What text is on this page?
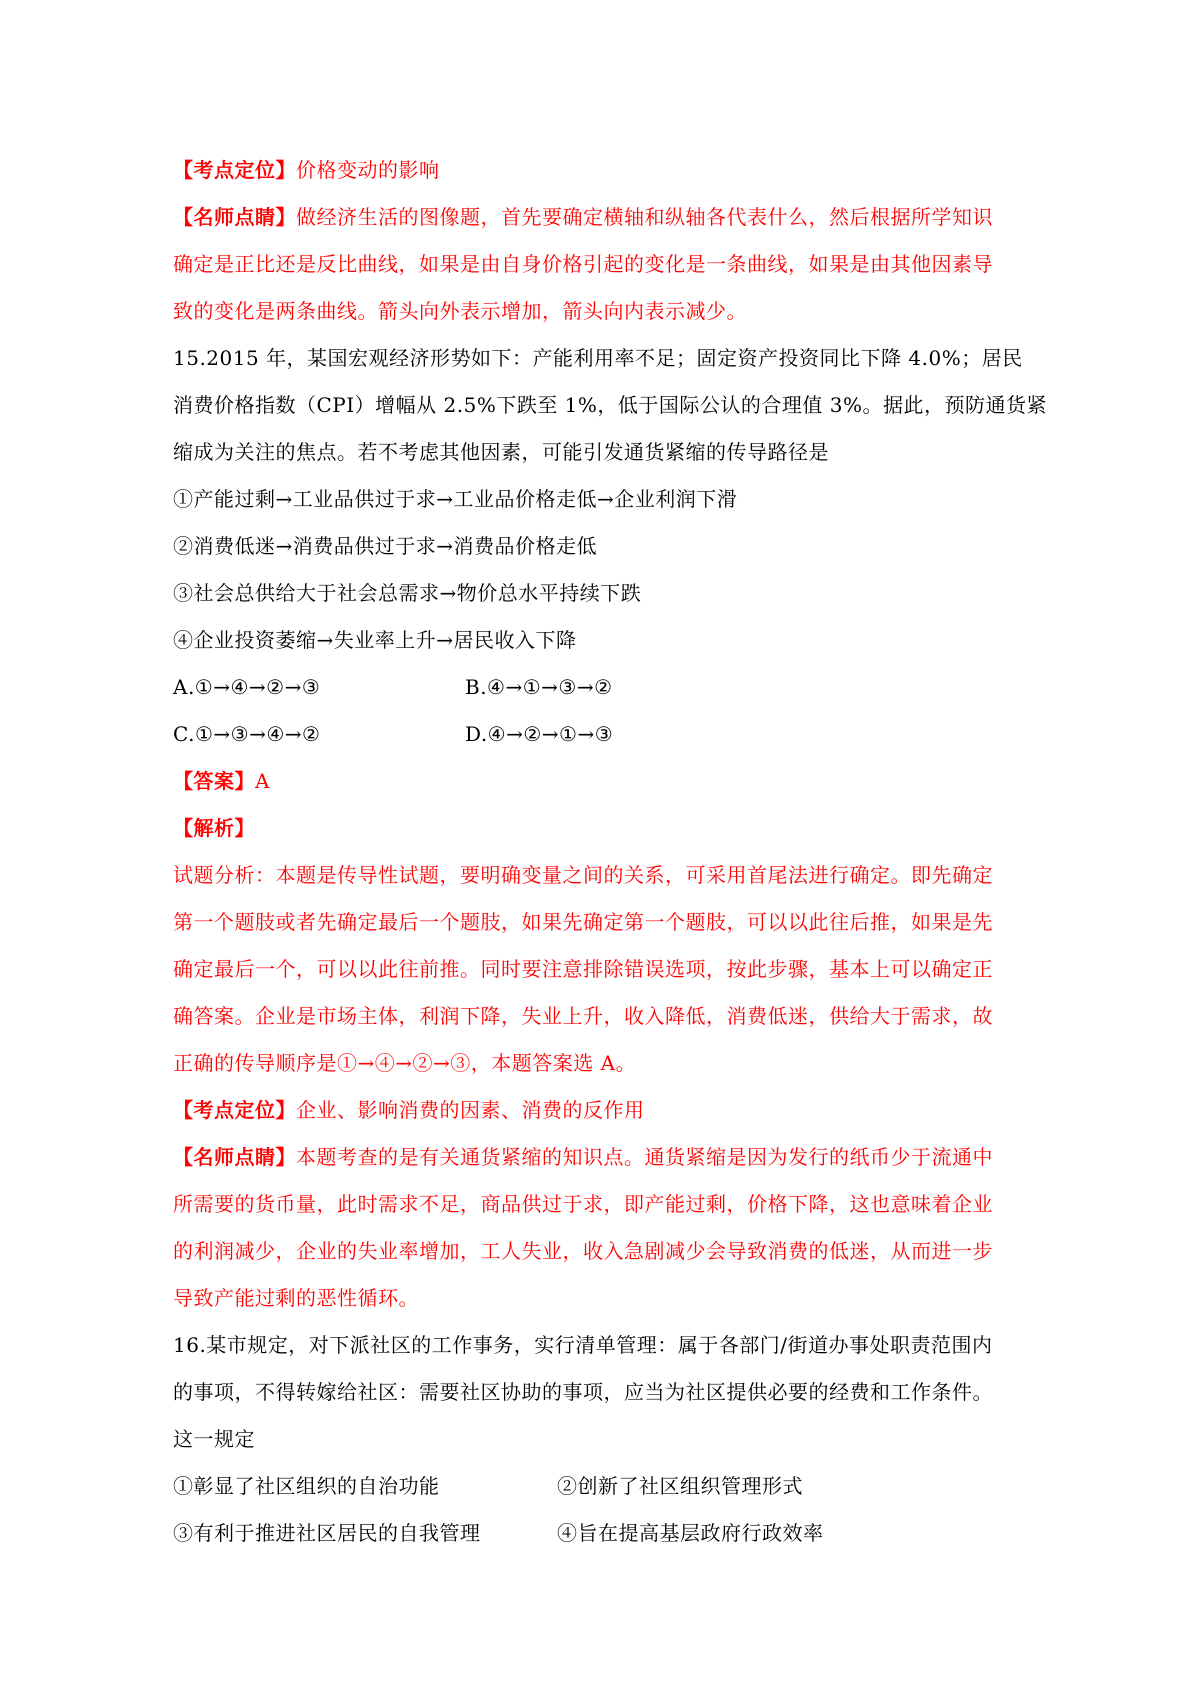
【考点定位】价格变动的影响
【名师点睛】做经济生活的图像题，首先要确定横轴和纵轴各代表什么，然后根据所学知识
确定是正比还是反比曲线，如果是由自身价格引起的变化是一条曲线，如果是由其他因素导
致的变化是两条曲线。箭头向外表示增加，箭头向内表示减少。
15.2015 年，某国宏观经济形势如下：产能利用率不足；固定资产投资同比下降 4.0%；居民
消费价格指数（CPI）增幅从 2.5%下跌至 1%，低于国际公认的合理值 3%。据此，预防通货紧
缩成为关注的焦点。若不考虑其他因素，可能引发通货紧缩的传导路径是
①产能过剩→工业品供过于求→工业品价格走低→企业利润下滑
②消费低迷→消费品供过于求→消费品价格走低
③社会总供给大于社会总需求→物价总水平持续下跌
④企业投资萎缩→失业率上升→居民收入下降
A.①→④→②→③	B.④→①→③→②
C.①→③→④→②	D.④→②→①→③
【答案】A
【解析】
试题分析：本题是传导性试题，要明确变量之间的关系，可采用首尾法进行确定。即先确定
第一个题肢或者先确定最后一个题肢，如果先确定第一个题肢，可以以此往后推，如果是先
确定最后一个，可以以此往前推。同时要注意排除错误选项，按此步骤，基本上可以确定正
确答案。企业是市场主体，利润下降，失业上升，收入降低，消费低迷，供给大于需求，故
正确的传导顺序是①→④→②→③，本题答案选 A。
【考点定位】企业、影响消费的因素、消费的反作用
【名师点睛】本题考查的是有关通货紧缩的知识点。通货紧缩是因为发行的纸币少于流通中
所需要的货币量，此时需求不足，商品供过于求，即产能过剩，价格下降，这也意味着企业
的利润减少，企业的失业率增加，工人失业，收入急剧减少会导致消费的低迷，从而进一步
导致产能过剩的恶性循环。
16.某市规定，对下派社区的工作事务，实行清单管理：属于各部门/街道办事处职责范围内
的事项，不得转嫁给社区：需要社区协助的事项，应当为社区提供必要的经费和工作条件。
这一规定
①彰显了社区组织的自治功能	②创新了社区组织管理形式
③有利于推进社区居民的自我管理	④旨在提高基层政府行政效率
